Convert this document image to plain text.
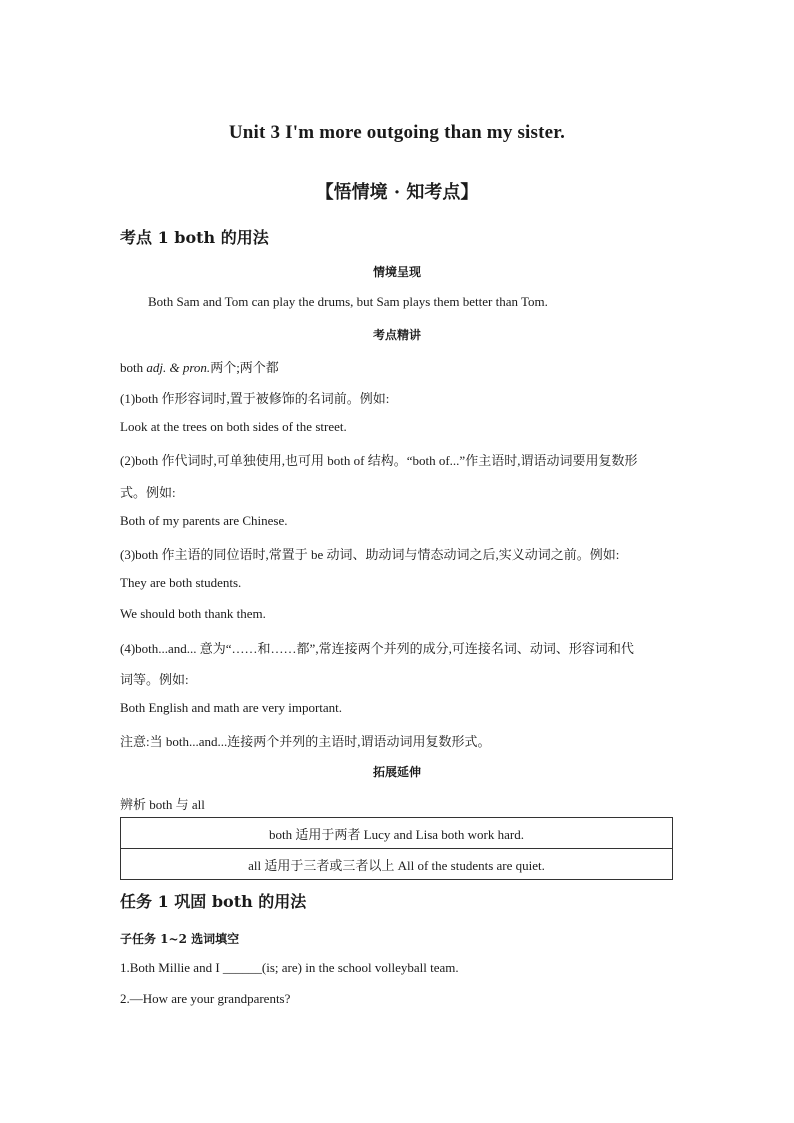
Unit 3 I'm more outgoing than my sister.
【悟情境 · 知考点】
考点 1 both 的用法
情境呈现
Both Sam and Tom can play the drums, but Sam plays them better than Tom.
考点精讲
both adj. & pron.两个;两个都
(1)both 作形容词时,置于被修饰的名词前。例如:
Look at the trees on both sides of the street.
(2)both 作代词时,可单独使用,也可用 both of 结构。“both of...”作主语时,谓语动词要用复数形
式。例如:
Both of my parents are Chinese.
(3)both 作主语的同位语时,常置于 be 动词、助动词与情态动词之后,实义动词之前。例如:
They are both students.
We should both thank them.
(4)both...and... 意为“……和……都”,常连接两个并列的成分,可连接名词、动词、形容词和代
词等。例如:
Both English and math are very important.
注意:当 both...and...连接两个并列的主语时,谓语动词用复数形式。
拓展延伸
辨析 both 与 all
both 适用于两者 Lucy and Lisa both work hard.
all 适用于三者或三者以上 All of the students are quiet.
任务 1 巩固 both 的用法
子任务 1~2 选词填空
1.Both Millie and I ______(is; are) in the school volleyball team.
2.—How are your grandparents?
